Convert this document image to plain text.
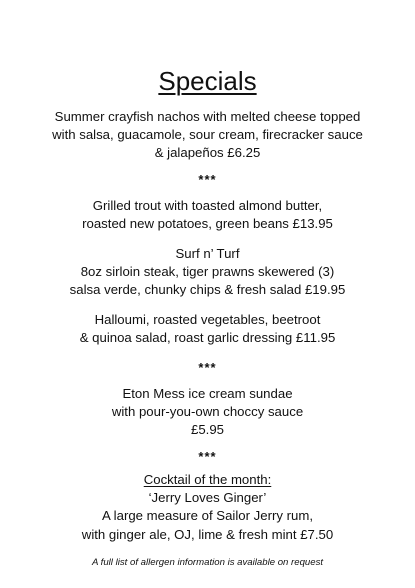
Specials
Summer crayfish nachos with melted cheese topped
with salsa, guacamole, sour cream, firecracker sauce
& jalapeños £6.25
***
Grilled trout with toasted almond butter,
roasted new potatoes, green beans £13.95
Surf n’ Turf
8oz sirloin steak, tiger prawns skewered (3)
salsa verde, chunky chips & fresh salad £19.95
Halloumi, roasted vegetables, beetroot
& quinoa salad, roast garlic dressing £11.95
***
Eton Mess ice cream sundae
with pour-you-own choccy sauce
£5.95
***
Cocktail of the month:
‘Jerry Loves Ginger’
A large measure of Sailor Jerry rum,
with ginger ale, OJ, lime & fresh mint £7.50
A full list of allergen information is available on request
